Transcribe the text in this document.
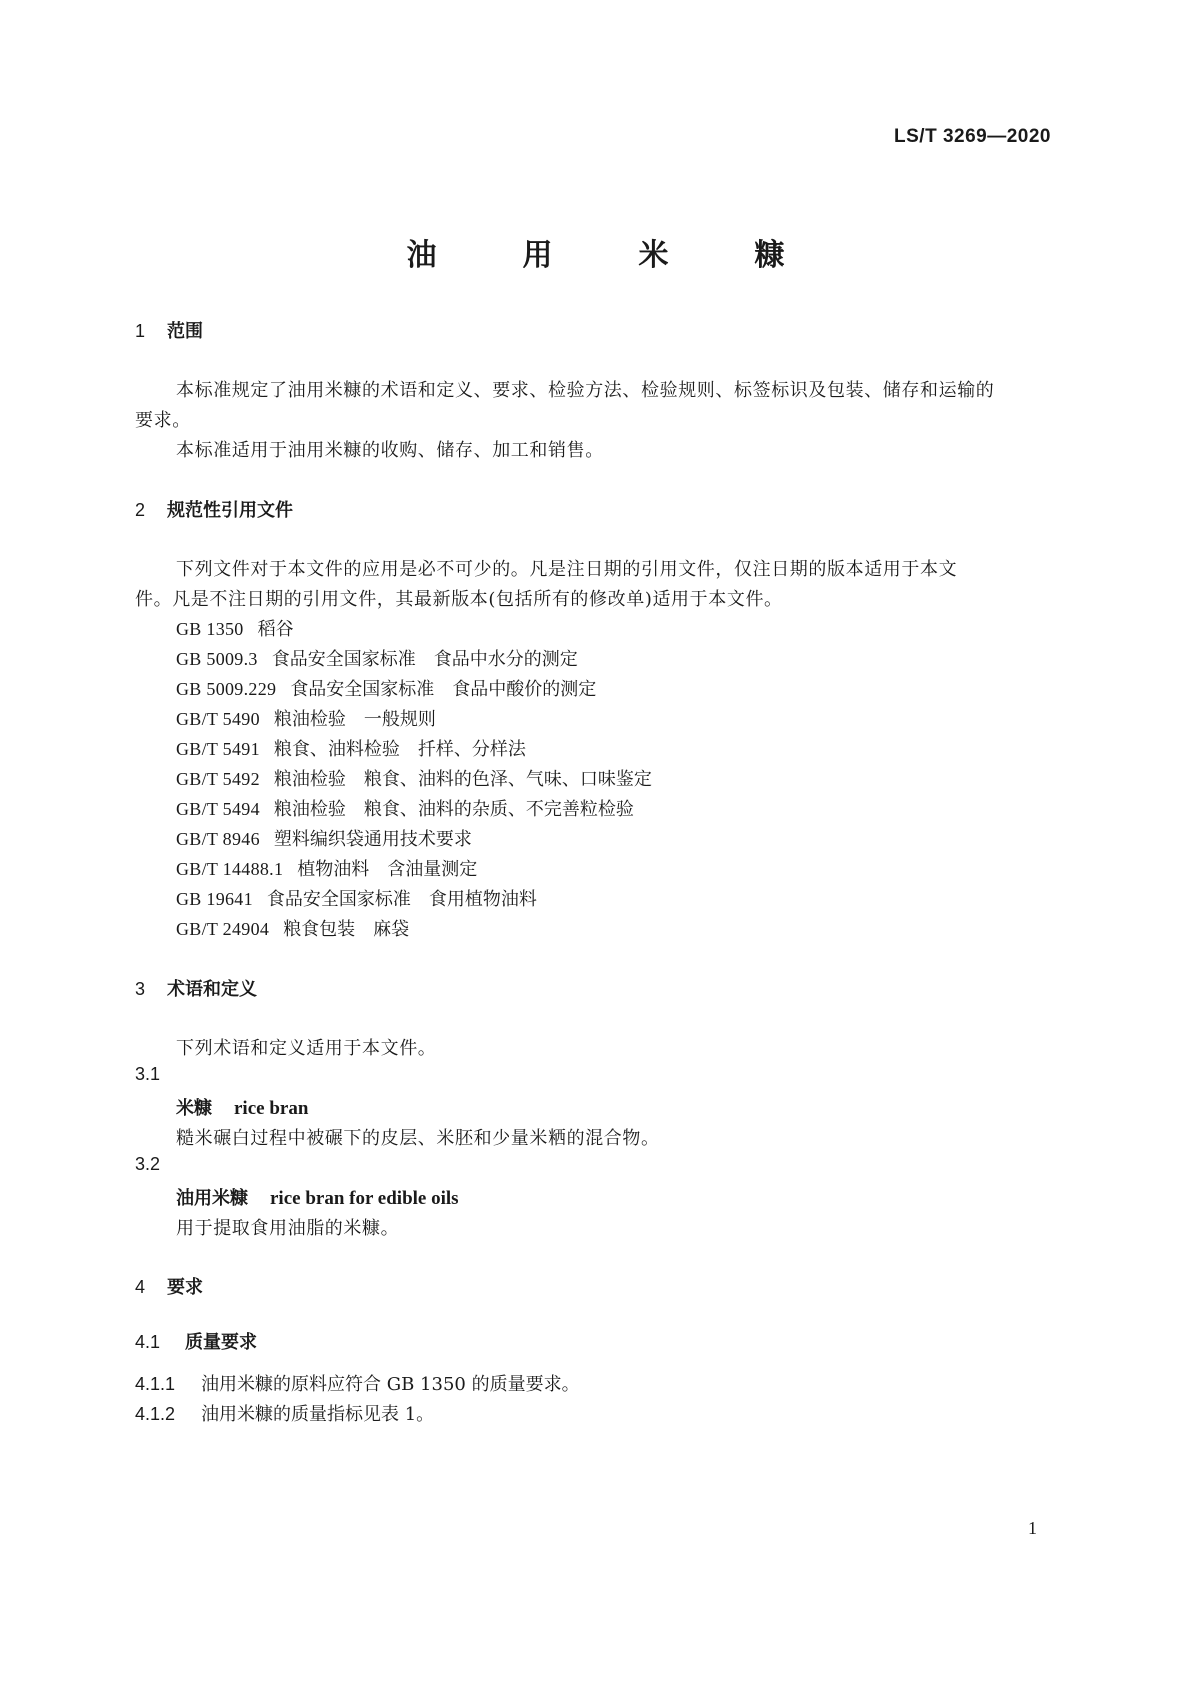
LS/T 3269—2020
油　用　米　糠
1 范围
本标准规定了油用米糠的术语和定义、要求、检验方法、检验规则、标签标识及包装、储存和运输的
要求。
本标准适用于油用米糠的收购、储存、加工和销售。
2 规范性引用文件
下列文件对于本文件的应用是必不可少的。凡是注日期的引用文件，仅注日期的版本适用于本文
件。凡是不注日期的引用文件，其最新版本(包括所有的修改单)适用于本文件。
GB 1350 稻谷
GB 5009.3 食品安全国家标准　食品中水分的测定
GB 5009.229 食品安全国家标准　食品中酸价的测定
GB/T 5490 粮油检验　一般规则
GB/T 5491 粮食、油料检验　扦样、分样法
GB/T 5492 粮油检验　粮食、油料的色泽、气味、口味鉴定
GB/T 5494 粮油检验　粮食、油料的杂质、不完善粒检验
GB/T 8946 塑料编织袋通用技术要求
GB/T 14488.1 植物油料　含油量测定
GB 19641 食品安全国家标准　食用植物油料
GB/T 24904 粮食包装　麻袋
3 术语和定义
下列术语和定义适用于本文件。
3.1
米糠 rice bran
糙米碾白过程中被碾下的皮层、米胚和少量米粞的混合物。
3.2
油用米糠 rice bran for edible oils
用于提取食用油脂的米糠。
4 要求
4.1 质量要求
4.1.1 油用米糠的原料应符合 GB 1350 的质量要求。
4.1.2 油用米糠的质量指标见表 1。
1
